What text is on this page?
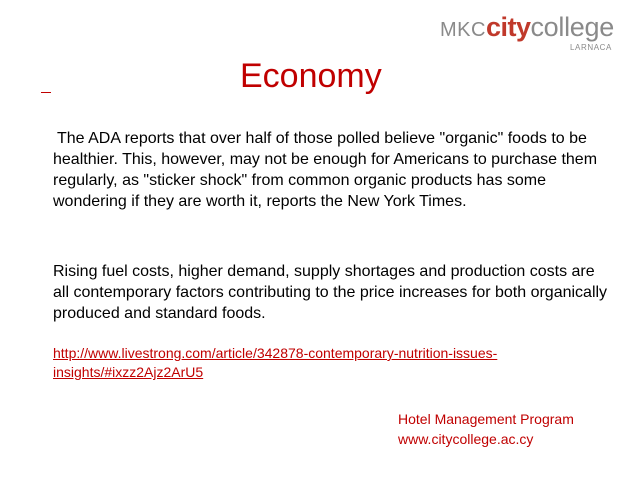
MKCcitycollege
LARNACA
Economy

The ADA reports that over half of those polled believe "organic" foods to be healthier. This, however, may not be enough for Americans to purchase them regularly, as "sticker shock" from common organic products has some wondering if they are worth it, reports the New York Times.

Rising fuel costs, higher demand, supply shortages and production costs are all contemporary factors contributing to the price increases for both organically produced and standard foods.

http://www.livestrong.com/article/342878-contemporary-nutrition-issues-insights/#ixzz2Ajz2ArU5
Hotel Management Program
www.citycollege.ac.cy
